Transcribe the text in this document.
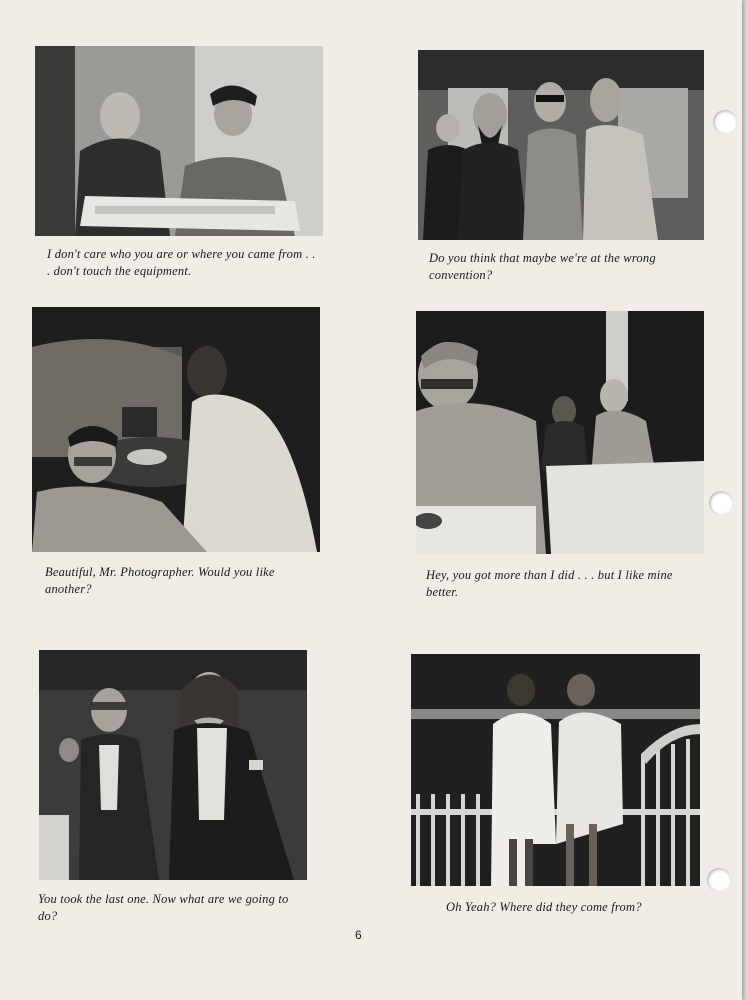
I don't care who you are or where you came from . . . don't touch the equipment.
Do you think that maybe we're at the wrong convention?
Beautiful, Mr. Photographer. Would you like another?
Hey, you got more than I did . . . but I like mine better.
You took the last one. Now what are we going to do?
Oh Yeah? Where did they come from?
6
